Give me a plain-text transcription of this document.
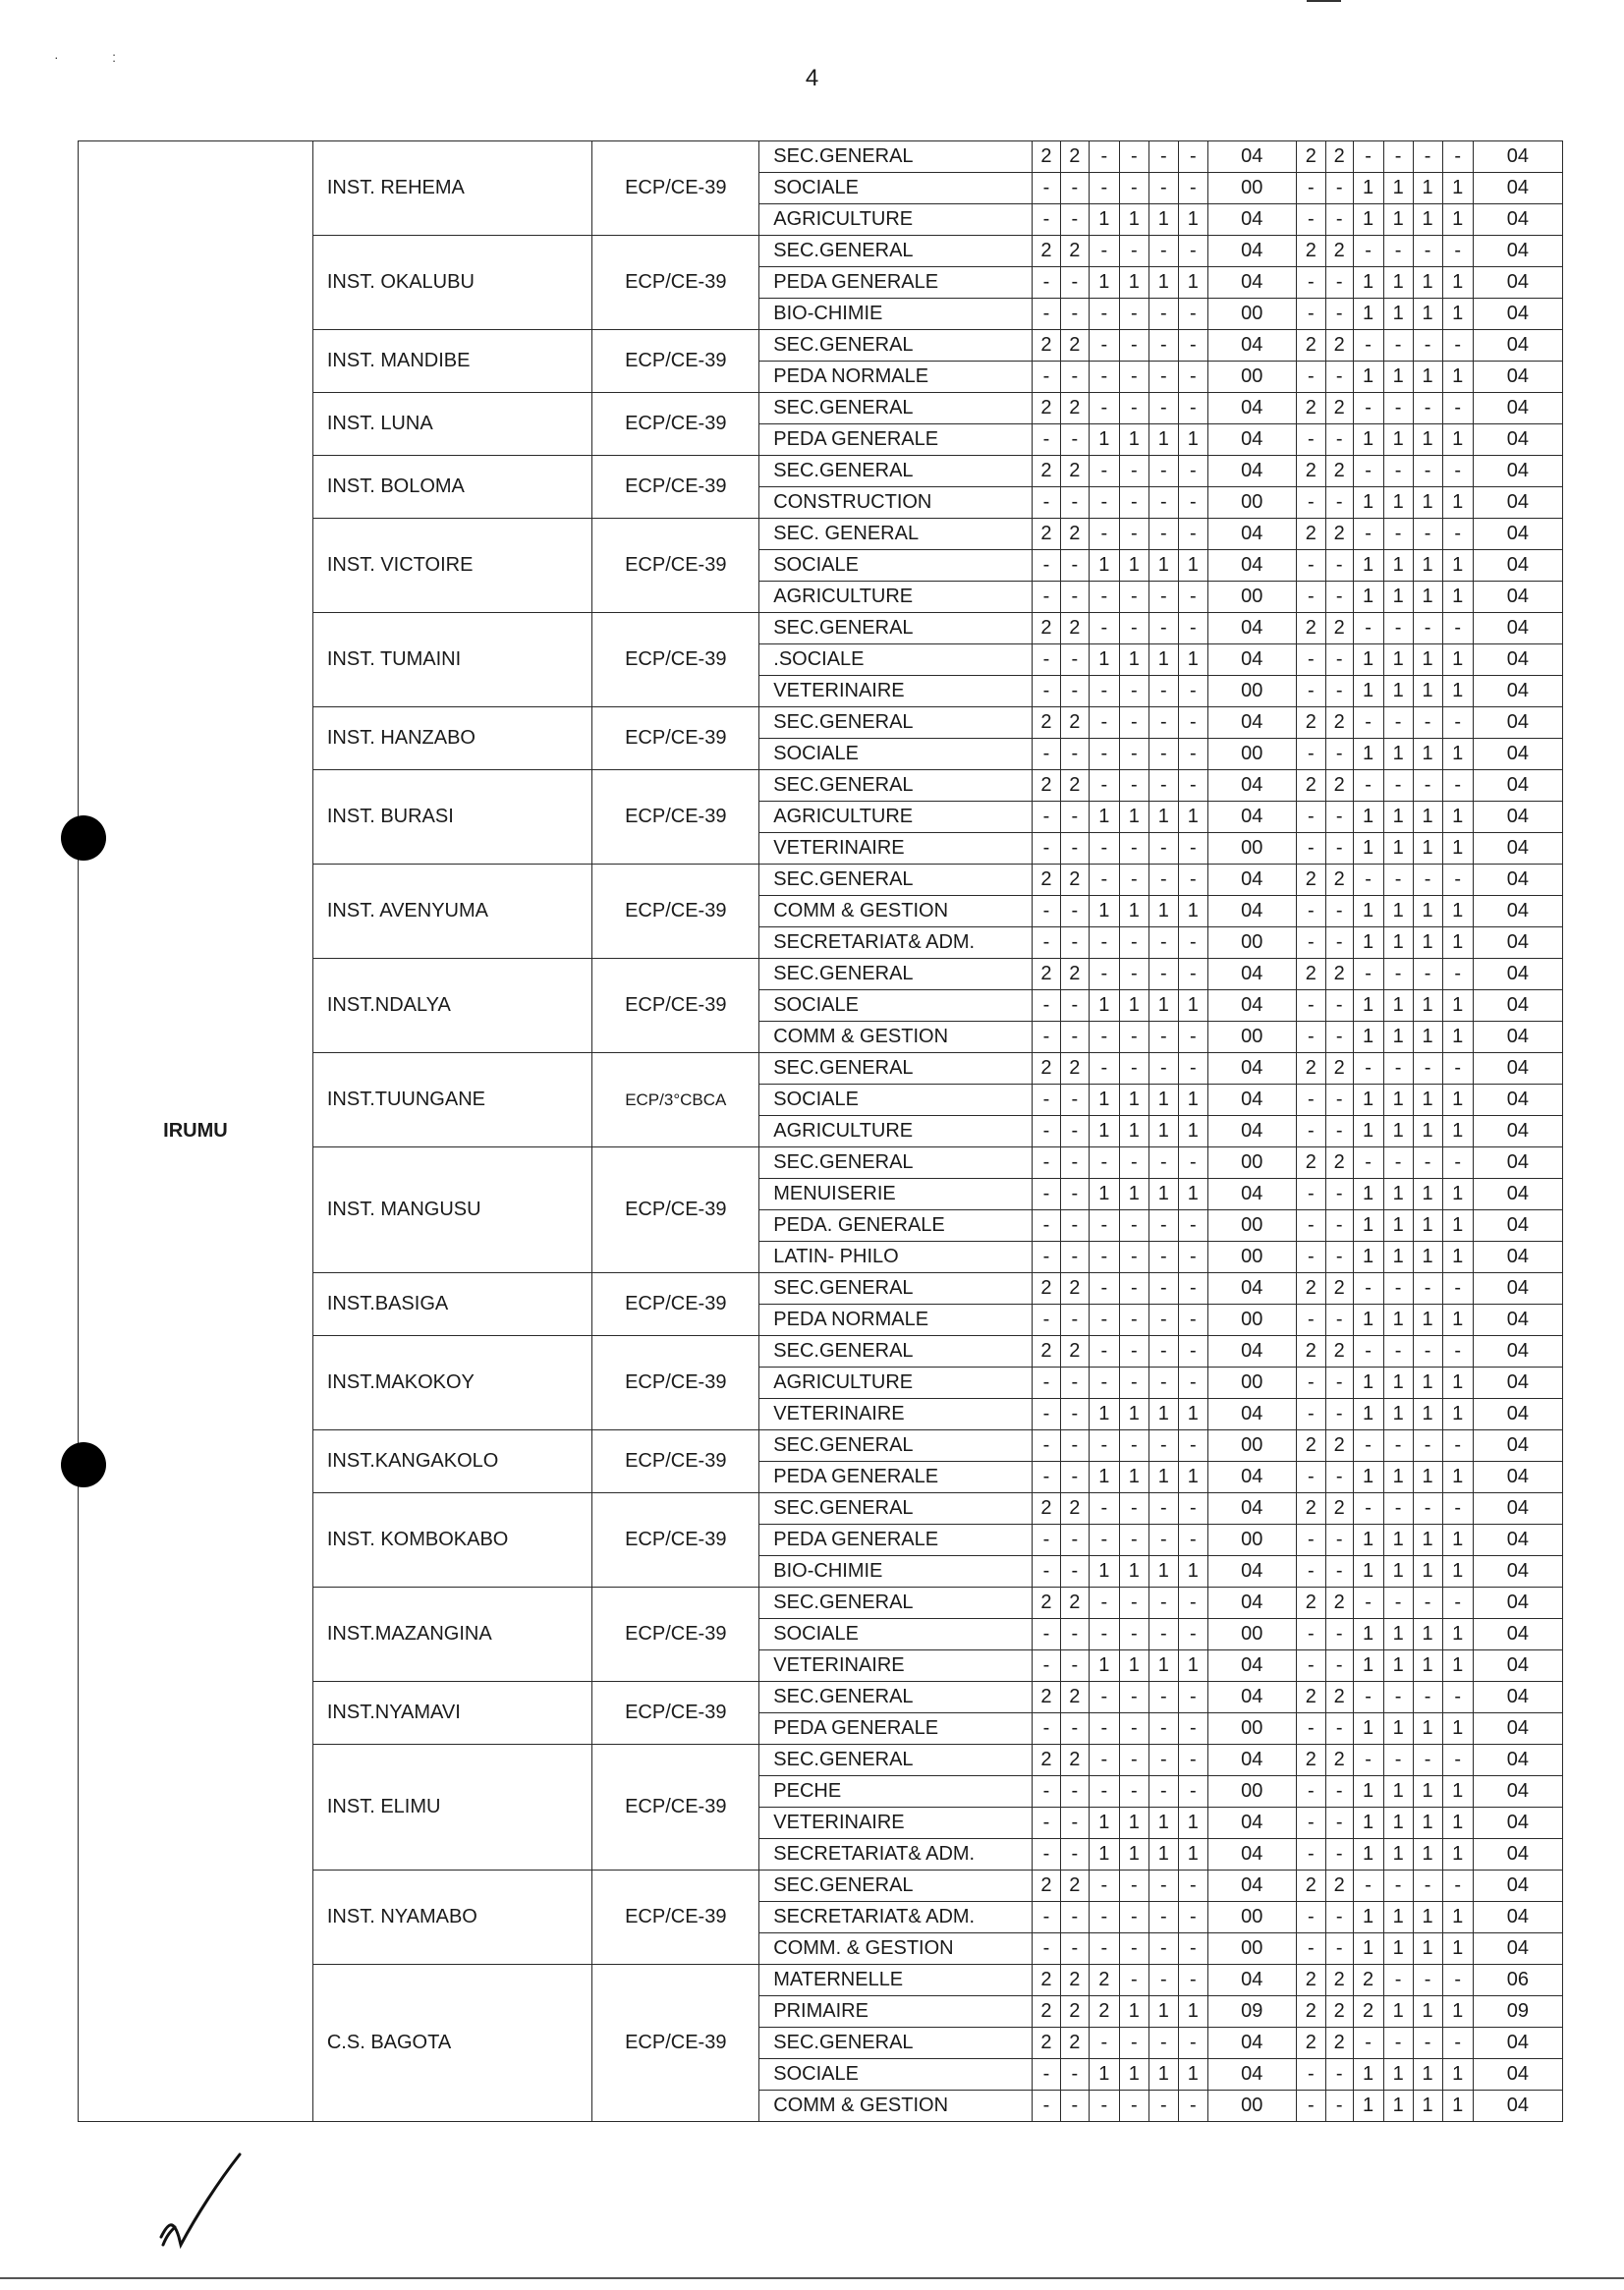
·              :
4
IRUMU	INST. REHEMA	ECP/CE-39	SEC.GENERAL	2	2	-	-	-	-	04	2	2	-	-	-	-	04
			SOCIALE	-	-	-	-	-	-	00	-	-	1	1	1	1	04
			AGRICULTURE	-	-	1	1	1	1	04	-	-	1	1	1	1	04
	INST. OKALUBU	ECP/CE-39	SEC.GENERAL	2	2	-	-	-	-	04	2	2	-	-	-	-	04
			PEDA GENERALE	-	-	1	1	1	1	04	-	-	1	1	1	1	04
			BIO-CHIMIE	-	-	-	-	-	-	00	-	-	1	1	1	1	04
	INST. MANDIBE	ECP/CE-39	SEC.GENERAL	2	2	-	-	-	-	04	2	2	-	-	-	-	04
			PEDA NORMALE	-	-	-	-	-	-	00	-	-	1	1	1	1	04
	INST. LUNA	ECP/CE-39	SEC.GENERAL	2	2	-	-	-	-	04	2	2	-	-	-	-	04
			PEDA GENERALE	-	-	1	1	1	1	04	-	-	1	1	1	1	04
	INST. BOLOMA	ECP/CE-39	SEC.GENERAL	2	2	-	-	-	-	04	2	2	-	-	-	-	04
			CONSTRUCTION	-	-	-	-	-	-	00	-	-	1	1	1	1	04
	INST. VICTOIRE	ECP/CE-39	SEC. GENERAL	2	2	-	-	-	-	04	2	2	-	-	-	-	04
			SOCIALE	-	-	1	1	1	1	04	-	-	1	1	1	1	04
			AGRICULTURE	-	-	-	-	-	-	00	-	-	1	1	1	1	04
	INST. TUMAINI	ECP/CE-39	SEC.GENERAL	2	2	-	-	-	-	04	2	2	-	-	-	-	04
			.SOCIALE	-	-	1	1	1	1	04	-	-	1	1	1	1	04
			VETERINAIRE	-	-	-	-	-	-	00	-	-	1	1	1	1	04
	INST. HANZABO	ECP/CE-39	SEC.GENERAL	2	2	-	-	-	-	04	2	2	-	-	-	-	04
			SOCIALE	-	-	-	-	-	-	00	-	-	1	1	1	1	04
	INST. BURASI	ECP/CE-39	SEC.GENERAL	2	2	-	-	-	-	04	2	2	-	-	-	-	04
			AGRICULTURE	-	-	1	1	1	1	04	-	-	1	1	1	1	04
			VETERINAIRE	-	-	-	-	-	-	00	-	-	1	1	1	1	04
	INST. AVENYUMA	ECP/CE-39	SEC.GENERAL	2	2	-	-	-	-	04	2	2	-	-	-	-	04
			COMM & GESTION	-	-	1	1	1	1	04	-	-	1	1	1	1	04
			SECRETARIAT& ADM.	-	-	-	-	-	-	00	-	-	1	1	1	1	04
	INST.NDALYA	ECP/CE-39	SEC.GENERAL	2	2	-	-	-	-	04	2	2	-	-	-	-	04
			SOCIALE	-	-	1	1	1	1	04	-	-	1	1	1	1	04
			COMM & GESTION	-	-	-	-	-	-	00	-	-	1	1	1	1	04
	INST.TUUNGANE	ECP/3°CBCA	SEC.GENERAL	2	2	-	-	-	-	04	2	2	-	-	-	-	04
			SOCIALE	-	-	1	1	1	1	04	-	-	1	1	1	1	04
			AGRICULTURE	-	-	1	1	1	1	04	-	-	1	1	1	1	04
	INST. MANGUSU	ECP/CE-39	SEC.GENERAL	-	-	-	-	-	-	00	2	2	-	-	-	-	04
			MENUISERIE	-	-	1	1	1	1	04	-	-	1	1	1	1	04
			PEDA. GENERALE	-	-	-	-	-	-	00	-	-	1	1	1	1	04
			LATIN- PHILO	-	-	-	-	-	-	00	-	-	1	1	1	1	04
	INST.BASIGA	ECP/CE-39	SEC.GENERAL	2	2	-	-	-	-	04	2	2	-	-	-	-	04
			PEDA NORMALE	-	-	-	-	-	-	00	-	-	1	1	1	1	04
	INST.MAKOKOY	ECP/CE-39	SEC.GENERAL	2	2	-	-	-	-	04	2	2	-	-	-	-	04
			AGRICULTURE	-	-	-	-	-	-	00	-	-	1	1	1	1	04
			VETERINAIRE	-	-	1	1	1	1	04	-	-	1	1	1	1	04
	INST.KANGAKOLO	ECP/CE-39	SEC.GENERAL	-	-	-	-	-	-	00	2	2	-	-	-	-	04
			PEDA GENERALE	-	-	1	1	1	1	04	-	-	1	1	1	1	04
	INST. KOMBOKABO	ECP/CE-39	SEC.GENERAL	2	2	-	-	-	-	04	2	2	-	-	-	-	04
			PEDA GENERALE	-	-	-	-	-	-	00	-	-	1	1	1	1	04
			BIO-CHIMIE	-	-	1	1	1	1	04	-	-	1	1	1	1	04
	INST.MAZANGINA	ECP/CE-39	SEC.GENERAL	2	2	-	-	-	-	04	2	2	-	-	-	-	04
			SOCIALE	-	-	-	-	-	-	00	-	-	1	1	1	1	04
			VETERINAIRE	-	-	1	1	1	1	04	-	-	1	1	1	1	04
	INST.NYAMAVI	ECP/CE-39	SEC.GENERAL	2	2	-	-	-	-	04	2	2	-	-	-	-	04
			PEDA GENERALE	-	-	-	-	-	-	00	-	-	1	1	1	1	04
	INST. ELIMU	ECP/CE-39	SEC.GENERAL	2	2	-	-	-	-	04	2	2	-	-	-	-	04
			PECHE	-	-	-	-	-	-	00	-	-	1	1	1	1	04
			VETERINAIRE	-	-	1	1	1	1	04	-	-	1	1	1	1	04
			SECRETARIAT& ADM.	-	-	1	1	1	1	04	-	-	1	1	1	1	04
	INST. NYAMABO	ECP/CE-39	SEC.GENERAL	2	2	-	-	-	-	04	2	2	-	-	-	-	04
			SECRETARIAT& ADM.	-	-	-	-	-	-	00	-	-	1	1	1	1	04
			COMM. & GESTION	-	-	-	-	-	-	00	-	-	1	1	1	1	04
	C.S. BAGOTA	ECP/CE-39	MATERNELLE	2	2	2	-	-	-	04	2	2	2	-	-	-	06
			PRIMAIRE	2	2	2	1	1	1	09	2	2	2	1	1	1	09
			SEC.GENERAL	2	2	-	-	-	-	04	2	2	-	-	-	-	04
			SOCIALE	-	-	1	1	1	1	04	-	-	1	1	1	1	04
			COMM & GESTION	-	-	-	-	-	-	00	-	-	1	1	1	1	04
